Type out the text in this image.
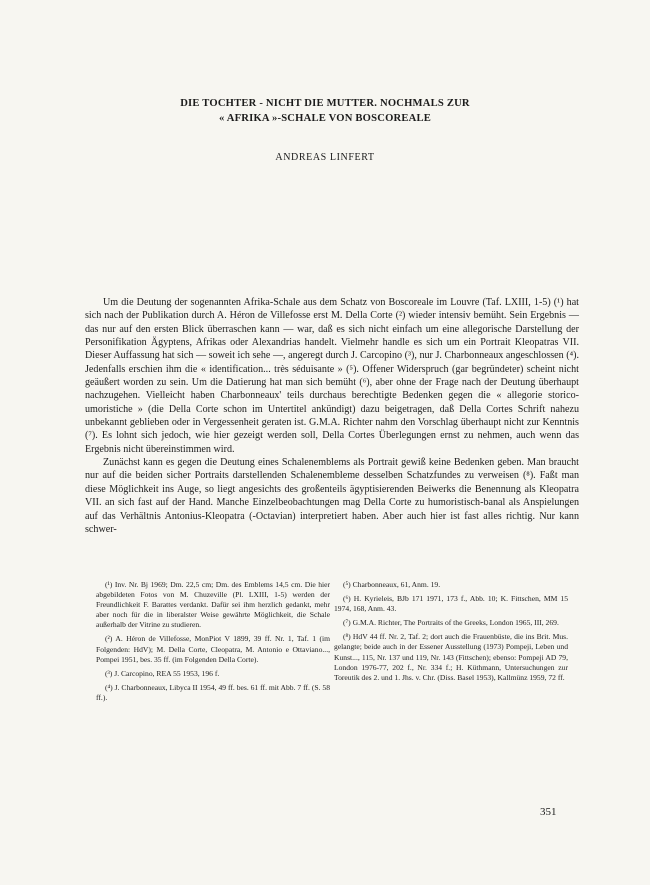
DIE TOCHTER - NICHT DIE MUTTER. NOCHMALS ZUR
« AFRIKA »-SCHALE VON BOSCOREALE
ANDREAS LINFERT

Um die Deutung der sogenannten Afrika-Schale aus dem Schatz von Boscoreale im Louvre (Taf. LXIII, 1-5) (¹) hat sich nach der Publikation durch A. Héron de Villefosse erst M. Della Corte (²) wieder intensiv bemüht. Sein Ergebnis — das nur auf den ersten Blick überraschen kann — war, daß es sich nicht einfach um eine allegorische Darstellung der Personifikation Ägyptens, Afrikas oder Alexandrias handelt. Vielmehr handle es sich um ein Portrait Kleopatras VII. Dieser Auffassung hat sich — soweit ich sehe —, angeregt durch J. Carcopino (³), nur J. Charbonneaux angeschlossen (⁴). Jedenfalls erschien ihm die « identification... très séduisante » (⁵). Offener Widerspruch (gar begründeter) scheint nicht geäußert worden zu sein. Um die Datierung hat man sich bemüht (⁶), aber ohne der Frage nach der Deutung überhaupt nachzugehen. Vielleicht haben Charbonneaux' teils durchaus berechtigte Bedenken gegen die « allegorie storico-umoristiche » (die Della Corte schon im Untertitel ankündigt) dazu beigetragen, daß Della Cortes Schrift nahezu unbekannt geblieben oder in Vergessenheit geraten ist. G.M.A. Richter nahm den Vorschlag überhaupt nicht zur Kenntnis (⁷). Es lohnt sich jedoch, wie hier gezeigt werden soll, Della Cortes Überlegungen ernst zu nehmen, auch wenn das Ergebnis nicht übereinstimmen wird.

Zunächst kann es gegen die Deutung eines Schalenemblems als Portrait gewiß keine Bedenken geben. Man braucht nur auf die beiden sicher Portraits darstellenden Schalenembleme desselben Schatzfundes zu verweisen (⁸). Faßt man diese Möglichkeit ins Auge, so liegt angesichts des großenteils ägyptisierenden Beiwerks die Benennung als Kleopatra VII. an sich fast auf der Hand. Manche Einzelbeobachtungen mag Della Corte zu humoristisch-banal als Anspielungen auf das Verhältnis Antonius-Kleopatra (-Octavian) interpretiert haben. Aber auch hier ist fast alles richtig. Nur kann schwer-

(¹) Inv. Nr. Bj 1969; Dm. 22,5 cm; Dm. des Emblems 14,5 cm. Die hier abgebildeten Fotos von M. Chuzeville (Pl. LXIII, 1-5) werden der Freundlichkeit F. Barattes verdankt. Dafür sei ihm herzlich gedankt, mehr aber noch für die in liberalster Weise gewährte Möglichkeit, die Schale außerhalb der Vitrine zu studieren.

(²) A. Héron de Villefosse, MonPiot V 1899, 39 ff. Nr. 1, Taf. 1 (im Folgenden: HdV); M. Della Corte, Cleopatra, M. Antonio e Ottaviano..., Pompei 1951, bes. 35 ff. (im Folgenden Della Corte).

(³) J. Carcopino, REA 55 1953, 196 f.

(⁴) J. Charbonneaux, Libyca II 1954, 49 ff. bes. 61 ff. mit Abb. 7 ff. (S. 58 ff.).

(⁵) Charbonneaux, 61, Anm. 19.

(⁶) H. Kyrieleis, BJb 171 1971, 173 f., Abb. 10; K. Fittschen, MM 15 1974, 168, Anm. 43.

(⁷) G.M.A. Richter, The Portraits of the Greeks, London 1965, III, 269.

(⁸) HdV 44 ff. Nr. 2, Taf. 2; dort auch die Frauenbüste, die ins Brit. Mus. gelangte; beide auch in der Essener Ausstellung (1973) Pompeji, Leben und Kunst..., 115, Nr. 137 und 119, Nr. 143 (Fittschen); ebenso: Pompeji AD 79, London 1976-77, 202 f., Nr. 334 f.; H. Küthmann, Untersuchungen zur Toreutik des 2. und 1. Jhs. v. Chr. (Diss. Basel 1953), Kallmünz 1959, 72 ff.

351
